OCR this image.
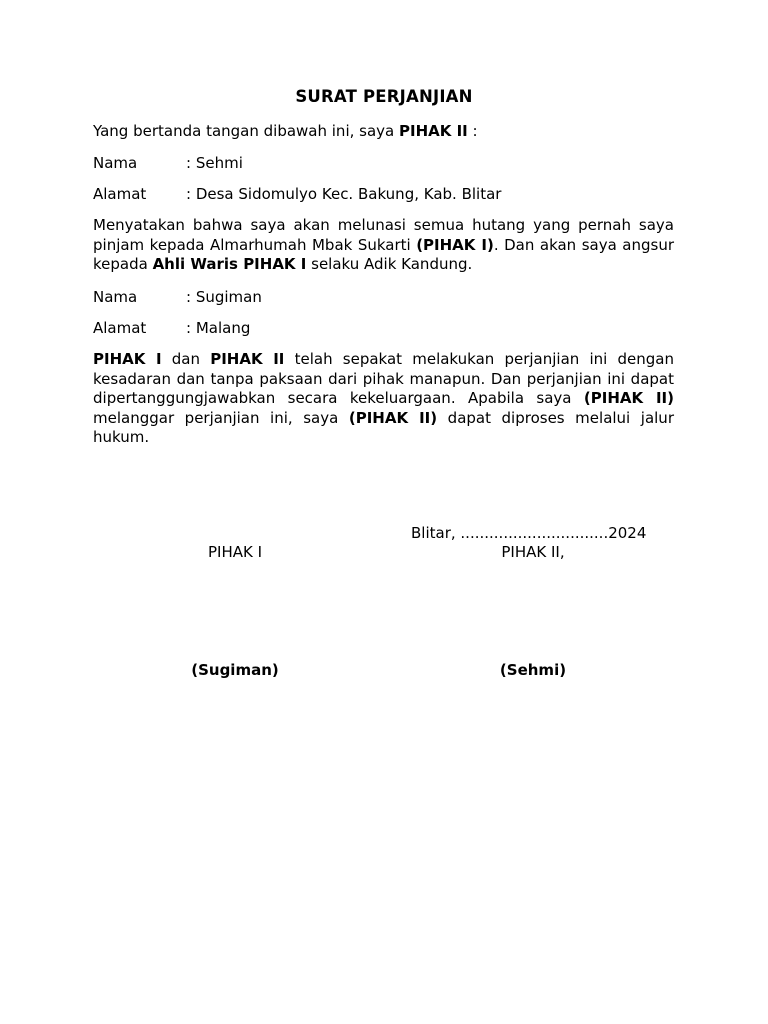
SURAT PERJANJIAN
Yang bertanda tangan dibawah ini, saya PIHAK II :
Nama	: Sehmi
Alamat	: Desa Sidomulyo Kec. Bakung, Kab. Blitar

Menyatakan bahwa saya akan melunasi semua hutang yang pernah saya pinjam kepada Almarhumah Mbak Sukarti (PIHAK I). Dan akan saya angsur kepada Ahli Waris PIHAK I selaku Adik Kandung.

Nama	: Sugiman
Alamat	: Malang

PIHAK I dan PIHAK II telah sepakat melakukan perjanjian ini dengan kesadaran dan tanpa paksaan dari pihak manapun. Dan perjanjian ini dapat dipertanggungjawabkan secara kekeluargaan. Apabila saya (PIHAK II) melanggar perjanjian ini, saya (PIHAK II) dapat diproses melalui jalur hukum.

Blitar, ...............................2024
PIHAK I	PIHAK II,
(Sugiman)	(Sehmi)
